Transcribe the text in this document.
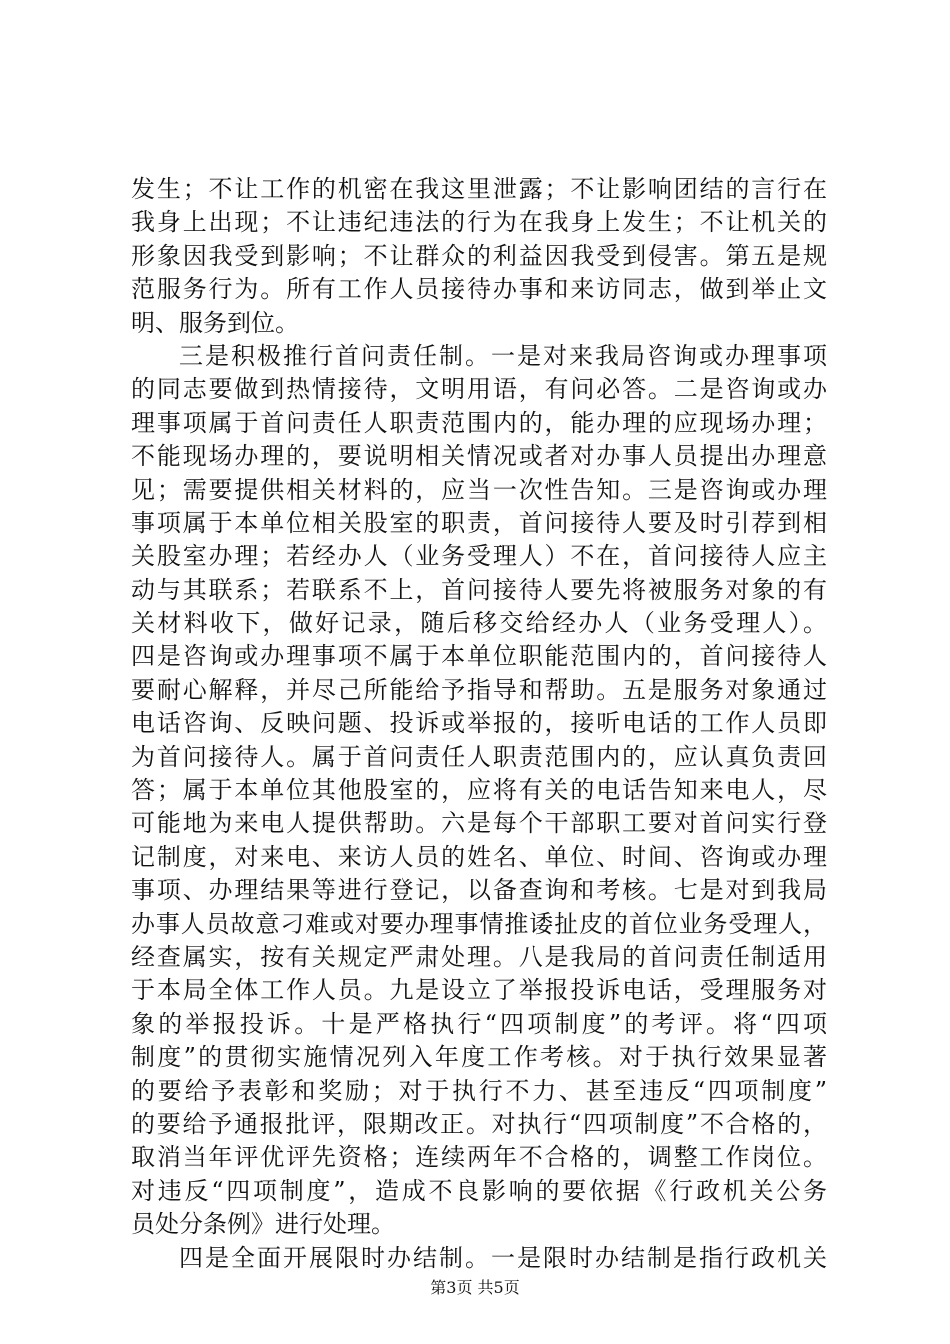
发生；不让工作的机密在我这里泄露；不让影响团结的言行在
我身上出现；不让违纪违法的行为在我身上发生；不让机关的
形象因我受到影响；不让群众的利益因我受到侵害。第五是规
范服务行为。所有工作人员接待办事和来访同志，做到举止文
明、服务到位。
三是积极推行首问责任制。一是对来我局咨询或办理事项
的同志要做到热情接待，文明用语，有问必答。二是咨询或办
理事项属于首问责任人职责范围内的，能办理的应现场办理；
不能现场办理的，要说明相关情况或者对办事人员提出办理意
见；需要提供相关材料的，应当一次性告知。三是咨询或办理
事项属于本单位相关股室的职责，首问接待人要及时引荐到相
关股室办理；若经办人（业务受理人）不在，首问接待人应主
动与其联系；若联系不上，首问接待人要先将被服务对象的有
关材料收下，做好记录，随后移交给经办人（业务受理人）。
四是咨询或办理事项不属于本单位职能范围内的，首问接待人
要耐心解释，并尽己所能给予指导和帮助。五是服务对象通过
电话咨询、反映问题、投诉或举报的，接听电话的工作人员即
为首问接待人。属于首问责任人职责范围内的，应认真负责回
答；属于本单位其他股室的，应将有关的电话告知来电人，尽
可能地为来电人提供帮助。六是每个干部职工要对首问实行登
记制度，对来电、来访人员的姓名、单位、时间、咨询或办理
事项、办理结果等进行登记，以备查询和考核。七是对到我局
办事人员故意刁难或对要办理事情推诿扯皮的首位业务受理人，
经查属实，按有关规定严肃处理。八是我局的首问责任制适用
于本局全体工作人员。九是设立了举报投诉电话，受理服务对
象的举报投诉。十是严格执行“四项制度”的考评。将“四项
制度”的贯彻实施情况列入年度工作考核。对于执行效果显著
的要给予表彰和奖励；对于执行不力、甚至违反“四项制度”
的要给予通报批评，限期改正。对执行“四项制度”不合格的，
取消当年评优评先资格；连续两年不合格的，调整工作岗位。
对违反“四项制度”，造成不良影响的要依据《行政机关公务
员处分条例》进行处理。
四是全面开展限时办结制。一是限时办结制是指行政机关
第3页 共5页
